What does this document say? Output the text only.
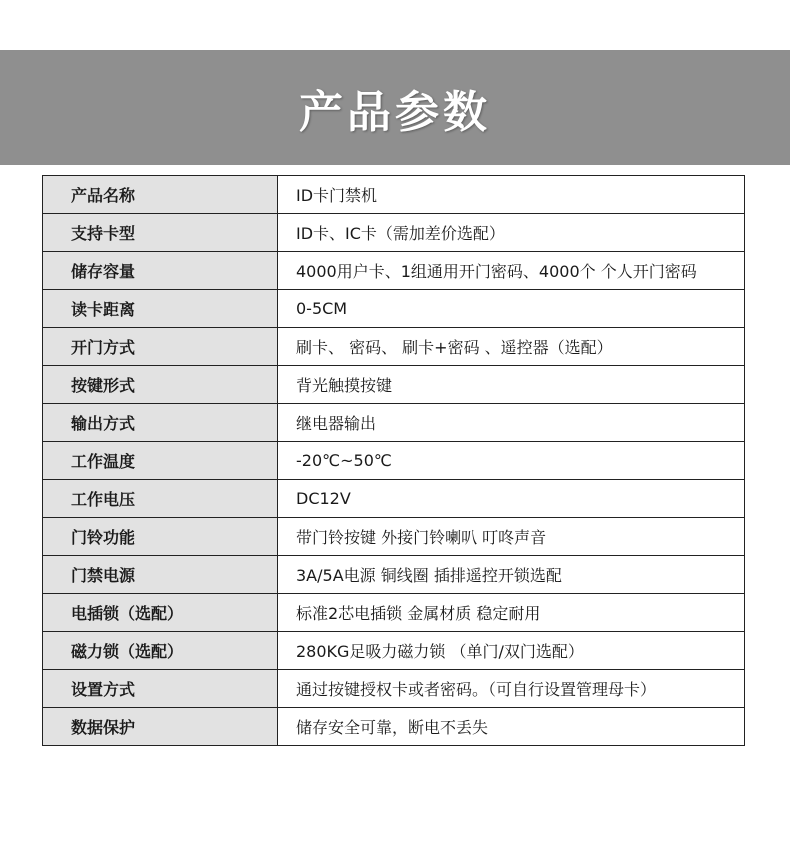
产品参数
产品名称	ID卡门禁机
支持卡型	ID卡、IC卡（需加差价选配）
储存容量	4000用户卡、1组通用开门密码、4000个 个人开门密码
读卡距离	0-5CM
开门方式	刷卡、 密码、 刷卡+密码 、遥控器（选配）
按键形式	背光触摸按键
输出方式	继电器输出
工作温度	-20℃~50℃
工作电压	DC12V
门铃功能	带门铃按键 外接门铃喇叭 叮咚声音
门禁电源	3A/5A电源 铜线圈 插排遥控开锁选配
电插锁（选配）	标准2芯电插锁 金属材质 稳定耐用
磁力锁（选配）	280KG足吸力磁力锁 （单门/双门选配）
设置方式	通过按键授权卡或者密码。（可自行设置管理母卡）
数据保护	储存安全可靠，断电不丢失
